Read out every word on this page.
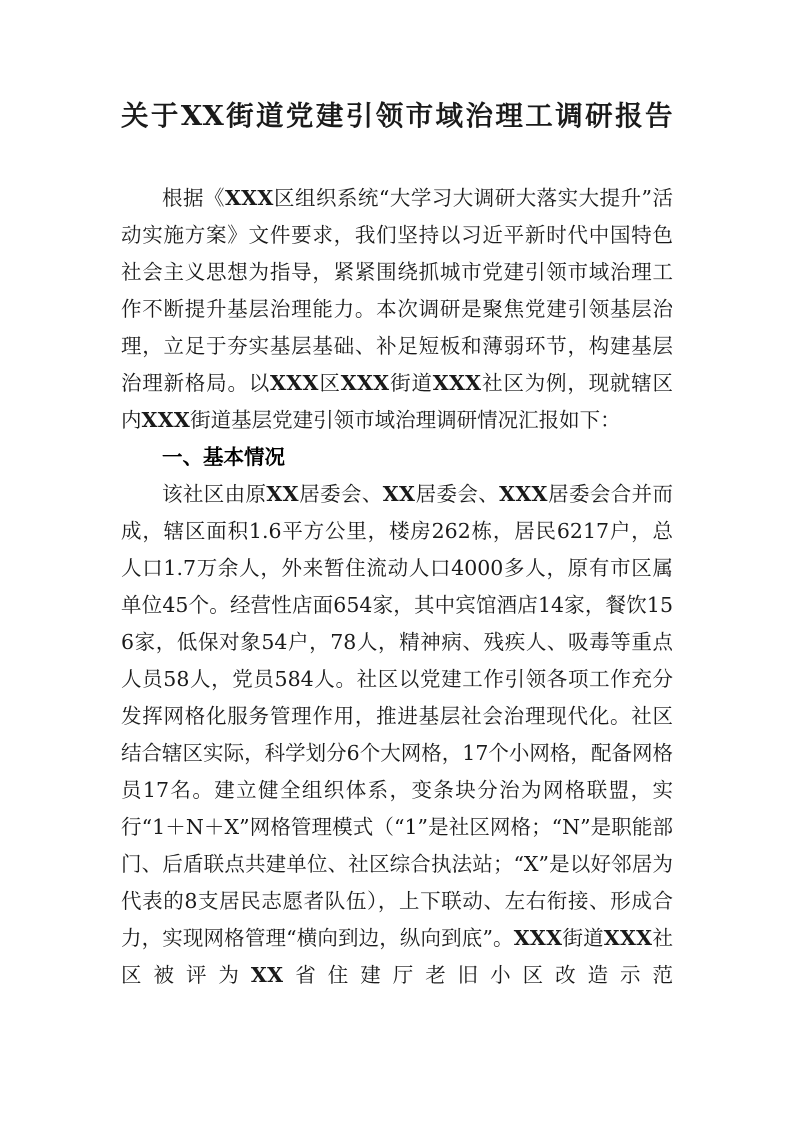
关于XX街道党建引领市域治理工调研报告

根据《XXX区组织系统“大学习大调研大落实大提升”活动实施方案》文件要求，我们坚持以习近平新时代中国特色社会主义思想为指导，紧紧围绕抓城市党建引领市域治理工作不断提升基层治理能力。本次调研是聚焦党建引领基层治理，立足于夯实基层基础、补足短板和薄弱环节，构建基层治理新格局。以XXX区XXX街道XXX社区为例，现就辖区内XXX街道基层党建引领市域治理调研情况汇报如下：

一、基本情况

该社区由原XX居委会、XX居委会、XXX居委会合并而成，辖区面积1.6平方公里，楼房262栋，居民6217户，总人口1.7万余人，外来暂住流动人口4000多人，原有市区属单位45个。经营性店面654家，其中宾馆酒店14家，餐饮156家，低保对象54户，78人，精神病、残疾人、吸毒等重点人员58人，党员584人。社区以党建工作引领各项工作充分发挥网格化服务管理作用，推进基层社会治理现代化。社区结合辖区实际，科学划分6个大网格，17个小网格，配备网格员17名。建立健全组织体系，变条块分治为网格联盟，实行“1＋N＋X”网格管理模式（“1”是社区网格；“N”是职能部门、后盾联点共建单位、社区综合执法站；“X”是以好邻居为代表的8支居民志愿者队伍），上下联动、左右衔接、形成合力，实现网格管理“横向到边，纵向到底”。XXX街道XXX社区被评为XX省住建厅老旧小区改造示范
